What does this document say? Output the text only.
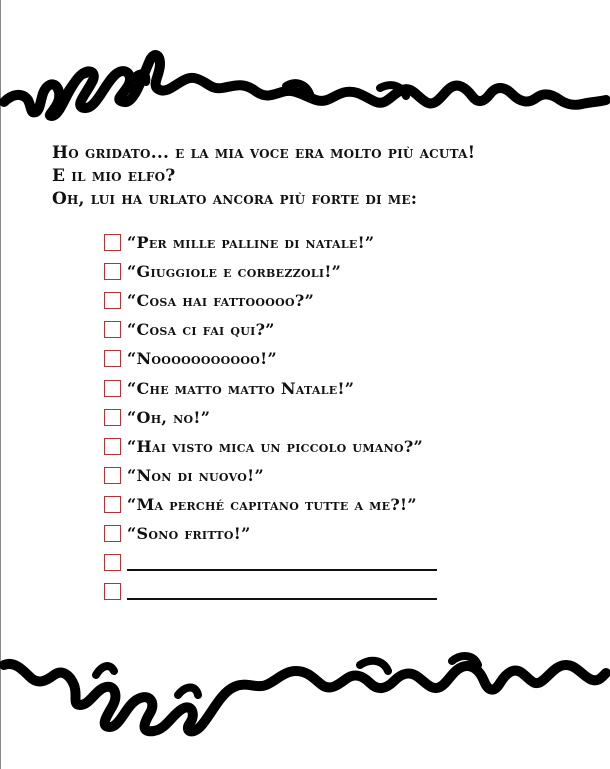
Ho gridato... e la mia voce era molto più acuta!
E il mio elfo?
Oh, lui ha urlato ancora più forte di me:
“Per mille palline di natale!”
“Giuggiole e corbezzoli!”
“Cosa hai fattooooo?”
“Cosa ci fai qui?”
“Nooooooooooo!”
“Che matto matto Natale!”
“Oh, no!”
“Hai visto mica un piccolo umano?”
“Non di nuovo!”
“Ma perché capitano tutte a me?!”
“Sono fritto!”
